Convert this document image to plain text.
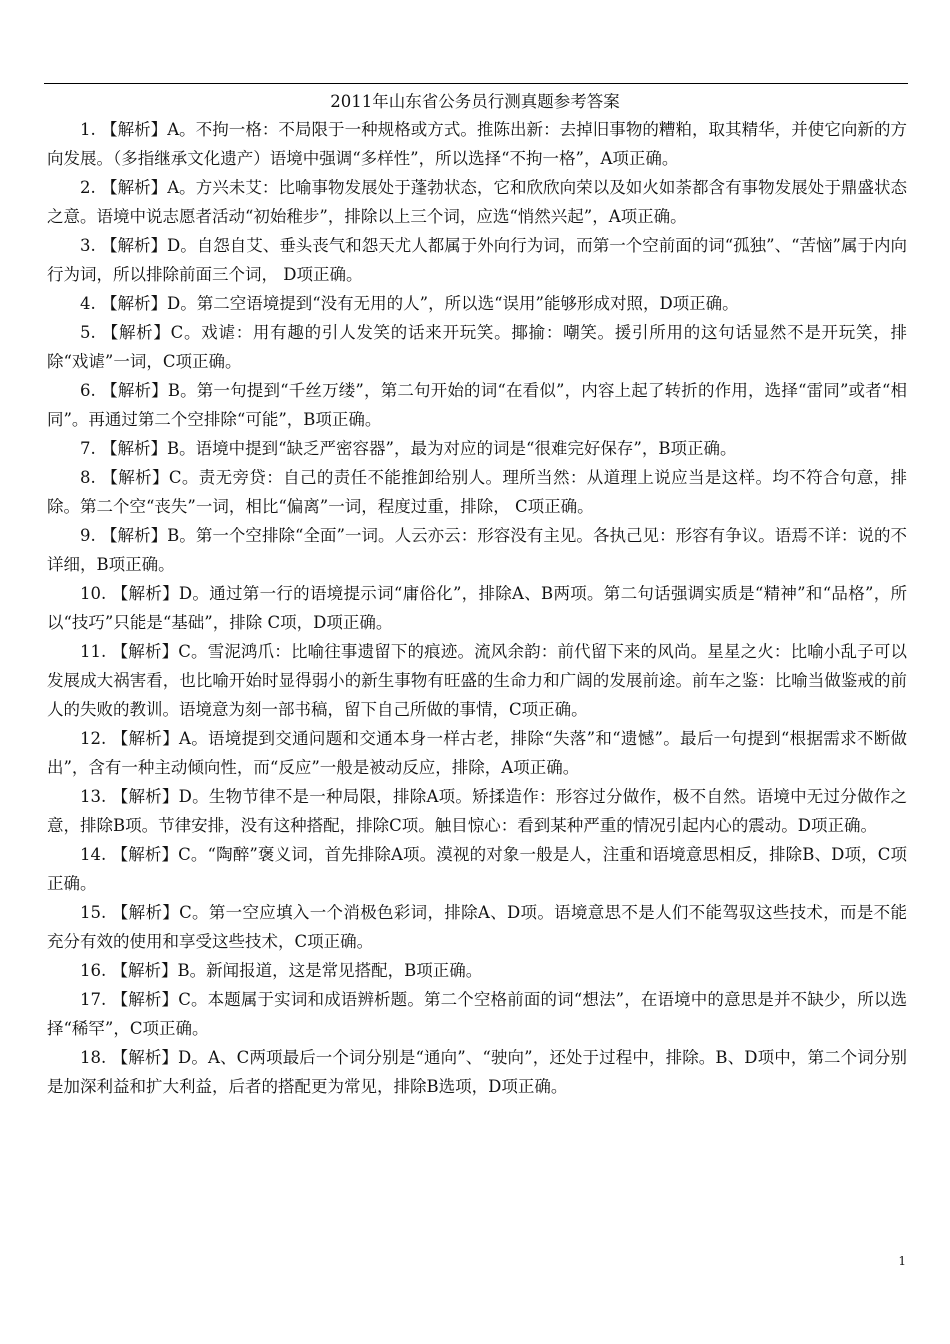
2011年山东省公务员行测真题参考答案

1. 【解析】A。不拘一格：不局限于一种规格或方式。推陈出新：去掉旧事物的糟粕，取其精华，并使它向新的方向发展。（多指继承文化遗产）语境中强调“多样性”，所以选择“不拘一格”，A项正确。

2. 【解析】A。方兴未艾：比喻事物发展处于蓬勃状态，它和欣欣向荣以及如火如荼都含有事物发展处于鼎盛状态之意。语境中说志愿者活动“初始稚步”，排除以上三个词，应选“悄然兴起”，A项正确。

3. 【解析】D。自怨自艾、垂头丧气和怨天尤人都属于外向行为词，而第一个空前面的词“孤独”、“苦恼”属于内向行为词，所以排除前面三个词， D项正确。

4. 【解析】D。第二空语境提到“没有无用的人”，所以选“误用”能够形成对照，D项正确。

5. 【解析】C。戏谑：用有趣的引人发笑的话来开玩笑。揶揄：嘲笑。援引所用的这句话显然不是开玩笑，排除“戏谑”一词，C项正确。

6. 【解析】B。第一句提到“千丝万缕”，第二句开始的词“在看似”，内容上起了转折的作用，选择“雷同”或者“相同”。再通过第二个空排除“可能”，B项正确。

7. 【解析】B。语境中提到“缺乏严密容器”，最为对应的词是“很难完好保存”，B项正确。

8. 【解析】C。责无旁贷：自己的责任不能推卸给别人。理所当然：从道理上说应当是这样。均不符合句意，排除。第二个空“丧失”一词，相比“偏离”一词，程度过重，排除， C项正确。

9. 【解析】B。第一个空排除“全面”一词。人云亦云：形容没有主见。各执己见：形容有争议。语焉不详：说的不详细，B项正确。

10. 【解析】D。通过第一行的语境提示词“庸俗化”，排除A、B两项。第二句话强调实质是“精神”和“品格”，所以“技巧”只能是“基础”，排除 C项，D项正确。

11. 【解析】C。雪泥鸿爪：比喻往事遗留下的痕迹。流风余韵：前代留下来的风尚。星星之火：比喻小乱子可以发展成大祸害看，也比喻开始时显得弱小的新生事物有旺盛的生命力和广阔的发展前途。前车之鉴：比喻当做鉴戒的前人的失败的教训。语境意为刻一部书稿，留下自己所做的事情，C项正确。

12. 【解析】A。语境提到交通问题和交通本身一样古老，排除“失落”和“遗憾”。最后一句提到“根据需求不断做出”，含有一种主动倾向性，而“反应”一般是被动反应，排除，A项正确。

13. 【解析】D。生物节律不是一种局限，排除A项。矫揉造作：形容过分做作，极不自然。语境中无过分做作之意，排除B项。节律安排，没有这种搭配，排除C项。触目惊心：看到某种严重的情况引起内心的震动。D项正确。

14. 【解析】C。“陶醉”褒义词，首先排除A项。漠视的对象一般是人，注重和语境意思相反，排除B、D项，C项正确。

15. 【解析】C。第一空应填入一个消极色彩词，排除A、D项。语境意思不是人们不能驾驭这些技术，而是不能充分有效的使用和享受这些技术，C项正确。

16. 【解析】B。新闻报道，这是常见搭配，B项正确。

17. 【解析】C。本题属于实词和成语辨析题。第二个空格前面的词“想法”，在语境中的意思是并不缺少，所以选择“稀罕”，C项正确。

18. 【解析】D。A、C两项最后一个词分别是“通向”、“驶向”，还处于过程中，排除。B、D项中，第二个词分别是加深利益和扩大利益，后者的搭配更为常见，排除B选项，D项正确。

1
